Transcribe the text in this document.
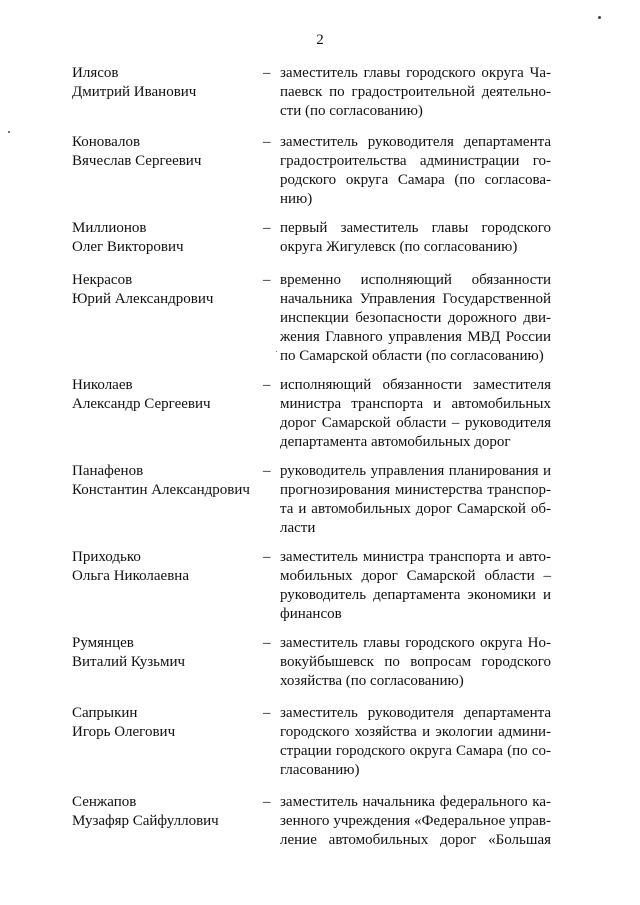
2
Илясов
Дмитрий Иванович
– заместитель главы городского округа Ча-
паевск по градостроительной деятельно-
сти (по согласованию)
Коновалов
Вячеслав Сергеевич
– заместитель руководителя департамента
градостроительства администрации го-
родского округа Самара (по согласова-
нию)
Миллионов
Олег Викторович
– первый заместитель главы городского
округа Жигулевск (по согласованию)
Некрасов
Юрий Александрович
– временно исполняющий обязанности
начальника Управления Государственной
инспекции безопасности дорожного дви-
жения Главного управления МВД России
по Самарской области (по согласованию)
Николаев
Александр Сергеевич
– исполняющий обязанности заместителя
министра транспорта и автомобильных
дорог Самарской области – руководителя
департамента автомобильных дорог
Панафенов
Константин Александрович
– руководитель управления планирования и
прогнозирования министерства транспор-
та и автомобильных дорог Самарской об-
ласти
Приходько
Ольга Николаевна
– заместитель министра транспорта и авто-
мобильных дорог Самарской области –
руководитель департамента экономики и
финансов
Румянцев
Виталий Кузьмич
– заместитель главы городского округа Но-
вокуйбышевск по вопросам городского
хозяйства (по согласованию)
Сапрыкин
Игорь Олегович
– заместитель руководителя департамента
городского хозяйства и экологии админи-
страции городского округа Самара (по со-
гласованию)
Сенжапов
Музафяр Сайфуллович
– заместитель начальника федерального ка-
зенного учреждения «Федеральное управ-
ление автомобильных дорог «Большая
